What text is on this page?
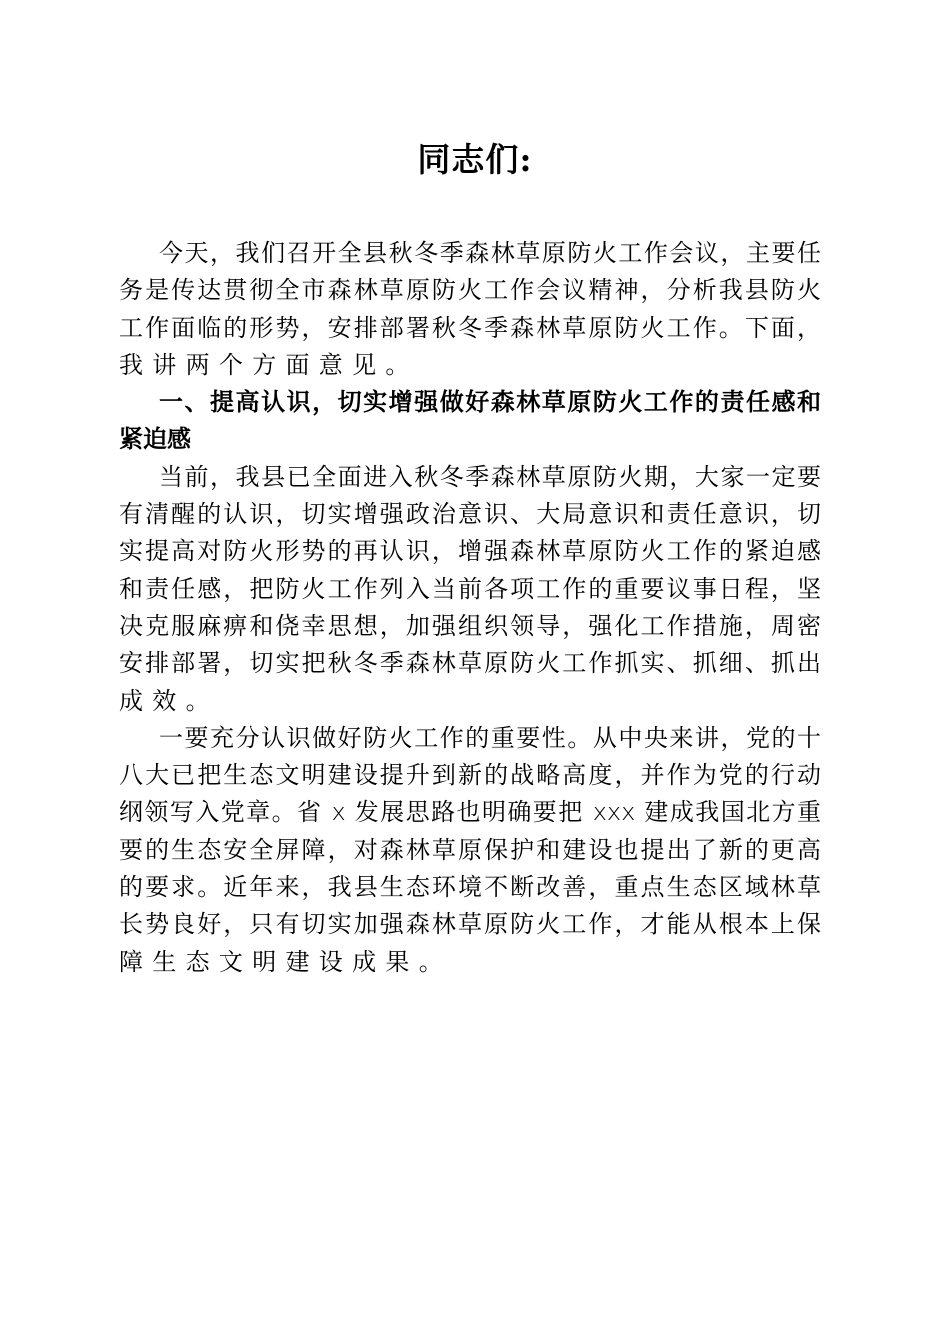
同志们:
今天，我们召开全县秋冬季森林草原防火工作会议，主要任
务是传达贯彻全市森林草原防火工作会议精神，分析我县防火
工作面临的形势，安排部署秋冬季森林草原防火工作。下面，
我讲两个方面意见。
一、提高认识，切实增强做好森林草原防火工作的责任感和
紧迫感
当前，我县已全面进入秋冬季森林草原防火期，大家一定要
有清醒的认识，切实增强政治意识、大局意识和责任意识，切
实提高对防火形势的再认识，增强森林草原防火工作的紧迫感
和责任感，把防火工作列入当前各项工作的重要议事日程，坚
决克服麻痹和侥幸思想，加强组织领导，强化工作措施，周密
安排部署，切实把秋冬季森林草原防火工作抓实、抓细、抓出
成效。
一要充分认识做好防火工作的重要性。从中央来讲，党的十
八大已把生态文明建设提升到新的战略高度，并作为党的行动
纲领写入党章。省 x 发展思路也明确要把 xxx 建成我国北方重
要的生态安全屏障，对森林草原保护和建设也提出了新的更高
的要求。近年来，我县生态环境不断改善，重点生态区域林草
长势良好，只有切实加强森林草原防火工作，才能从根本上保
障生态文明建设成果。
